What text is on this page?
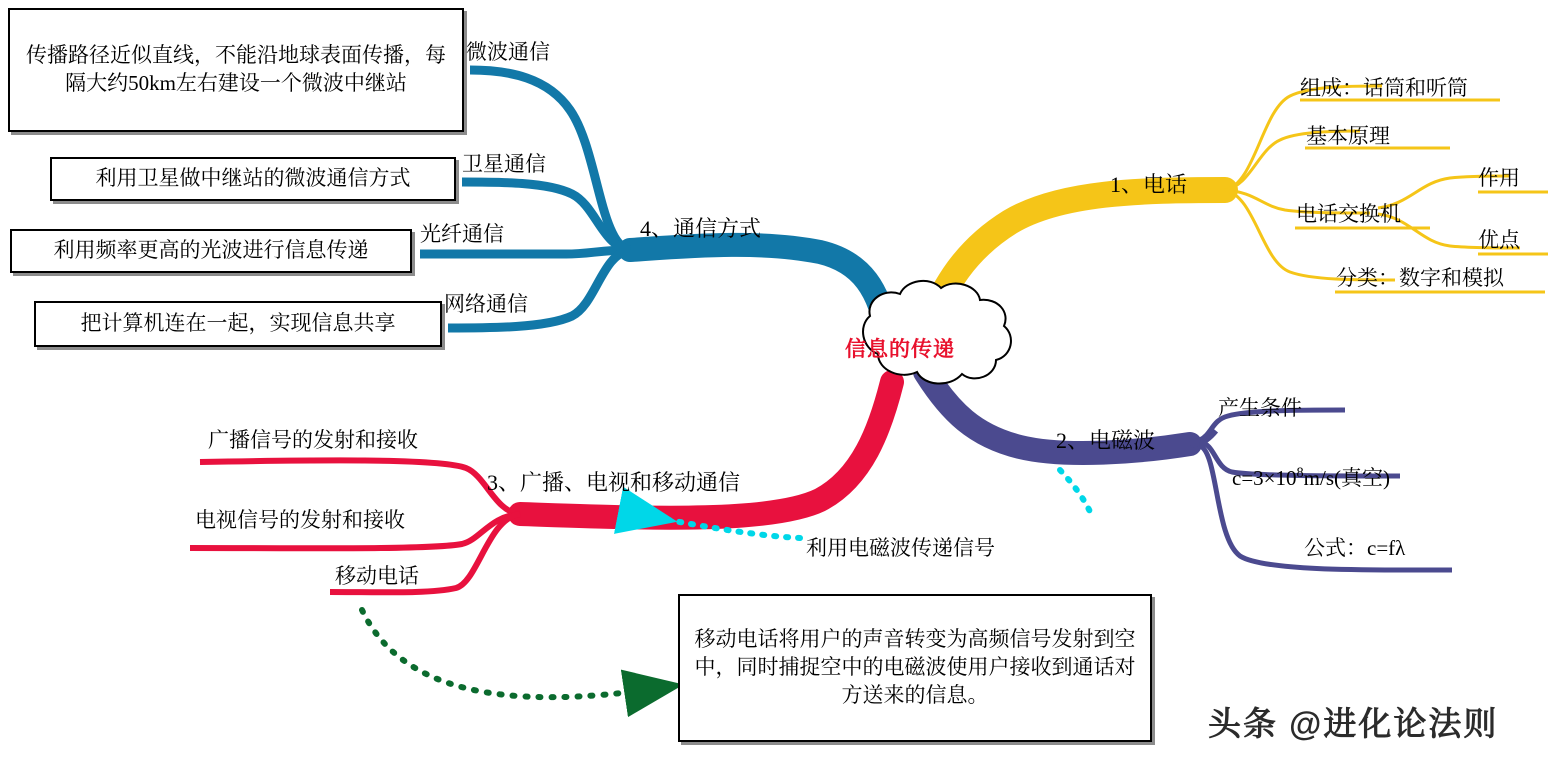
信息的传递
1、电话
组成：话筒和听筒
基本原理
电话交换机
分类：数字和模拟
作用
优点
2、电磁波
产生条件
$c=3\times 10^8m/s$(真空)
公式：c=fλ
3、广播、电视和移动通信
广播信号的发射和接收
电视信号的发射和接收
移动电话
4、通信方式
微波通信
卫星通信
光纤通信
网络通信
传播路径近似直线，不能沿地球表面传播，每隔大约50km左右建设一个微波中继站
利用卫星做中继站的微波通信方式
利用频率更高的光波进行信息传递
把计算机连在一起，实现信息共享
利用电磁波传递信号
移动电话将用户的声音转变为高频信号发射到空中，同时捕捉空中的电磁波使用户接收到通话对方送来的信息。
头条 @进化论法则
